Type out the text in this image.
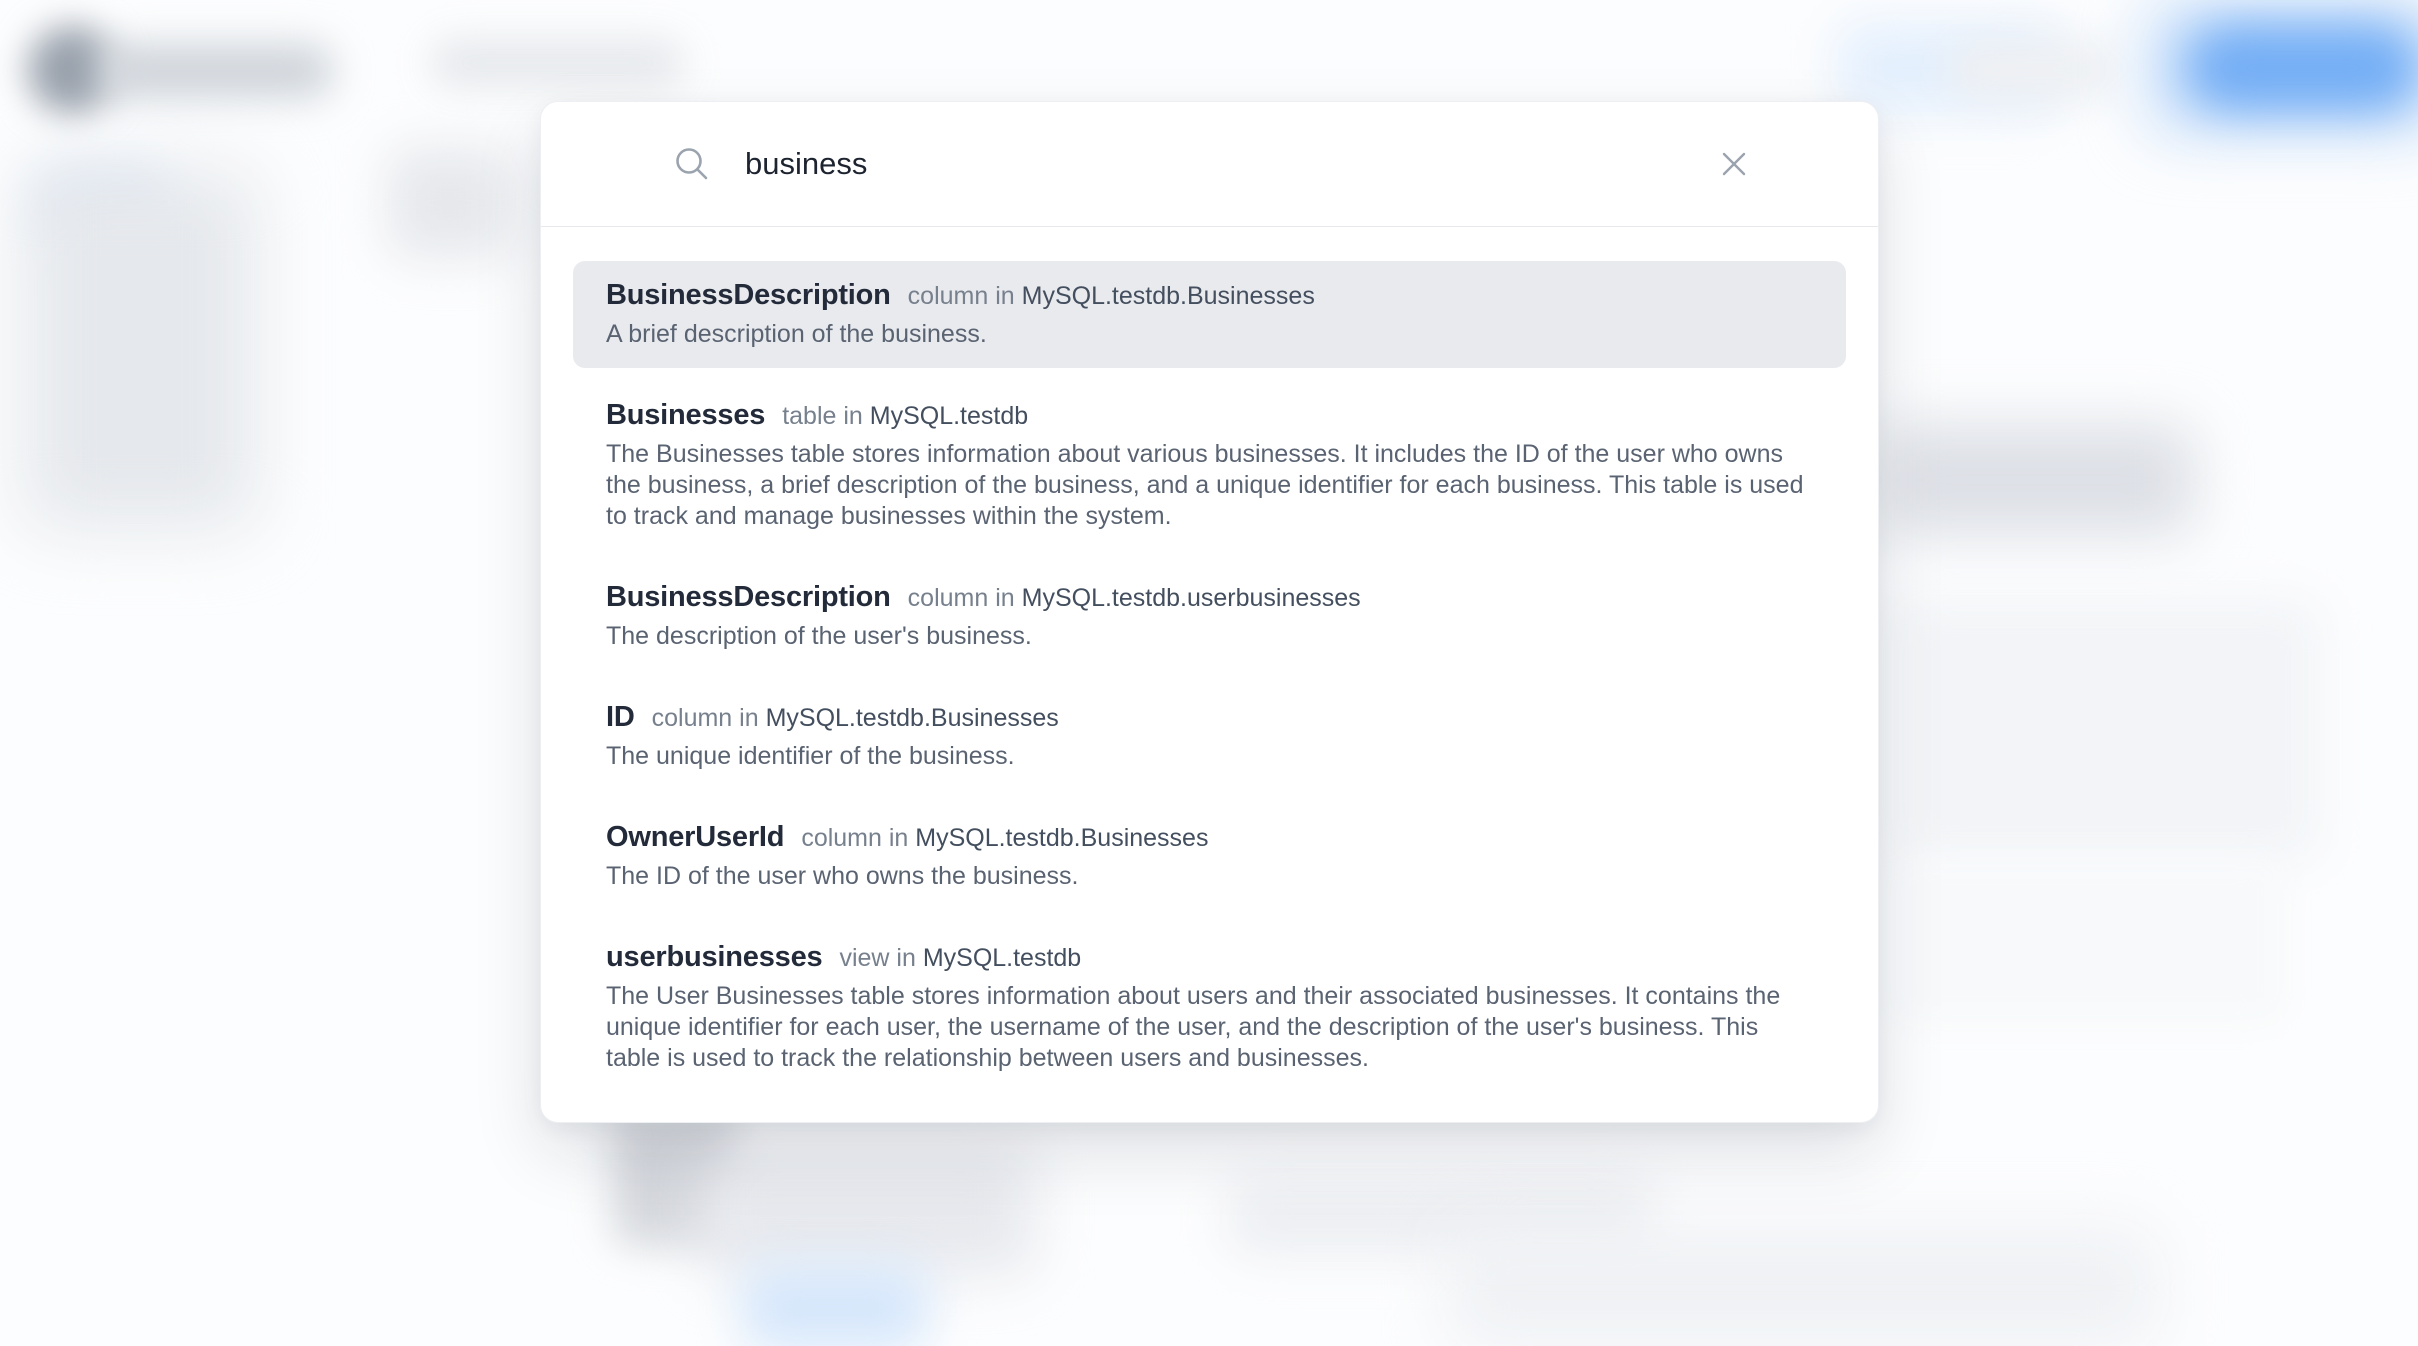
business
BusinessDescription column in MySQL.testdb.Businesses
A brief description of the business.
Businesses table in MySQL.testdb
The Businesses table stores information about various businesses. It includes the ID of the user who owns the business, a brief description of the business, and a unique identifier for each business. This table is used to track and manage businesses within the system.
BusinessDescription column in MySQL.testdb.userbusinesses
The description of the user's business.
ID column in MySQL.testdb.Businesses
The unique identifier of the business.
OwnerUserId column in MySQL.testdb.Businesses
The ID of the user who owns the business.
userbusinesses view in MySQL.testdb
The User Businesses table stores information about users and their associated businesses. It contains the unique identifier for each user, the username of the user, and the description of the user's business. This table is used to track the relationship between users and businesses.
